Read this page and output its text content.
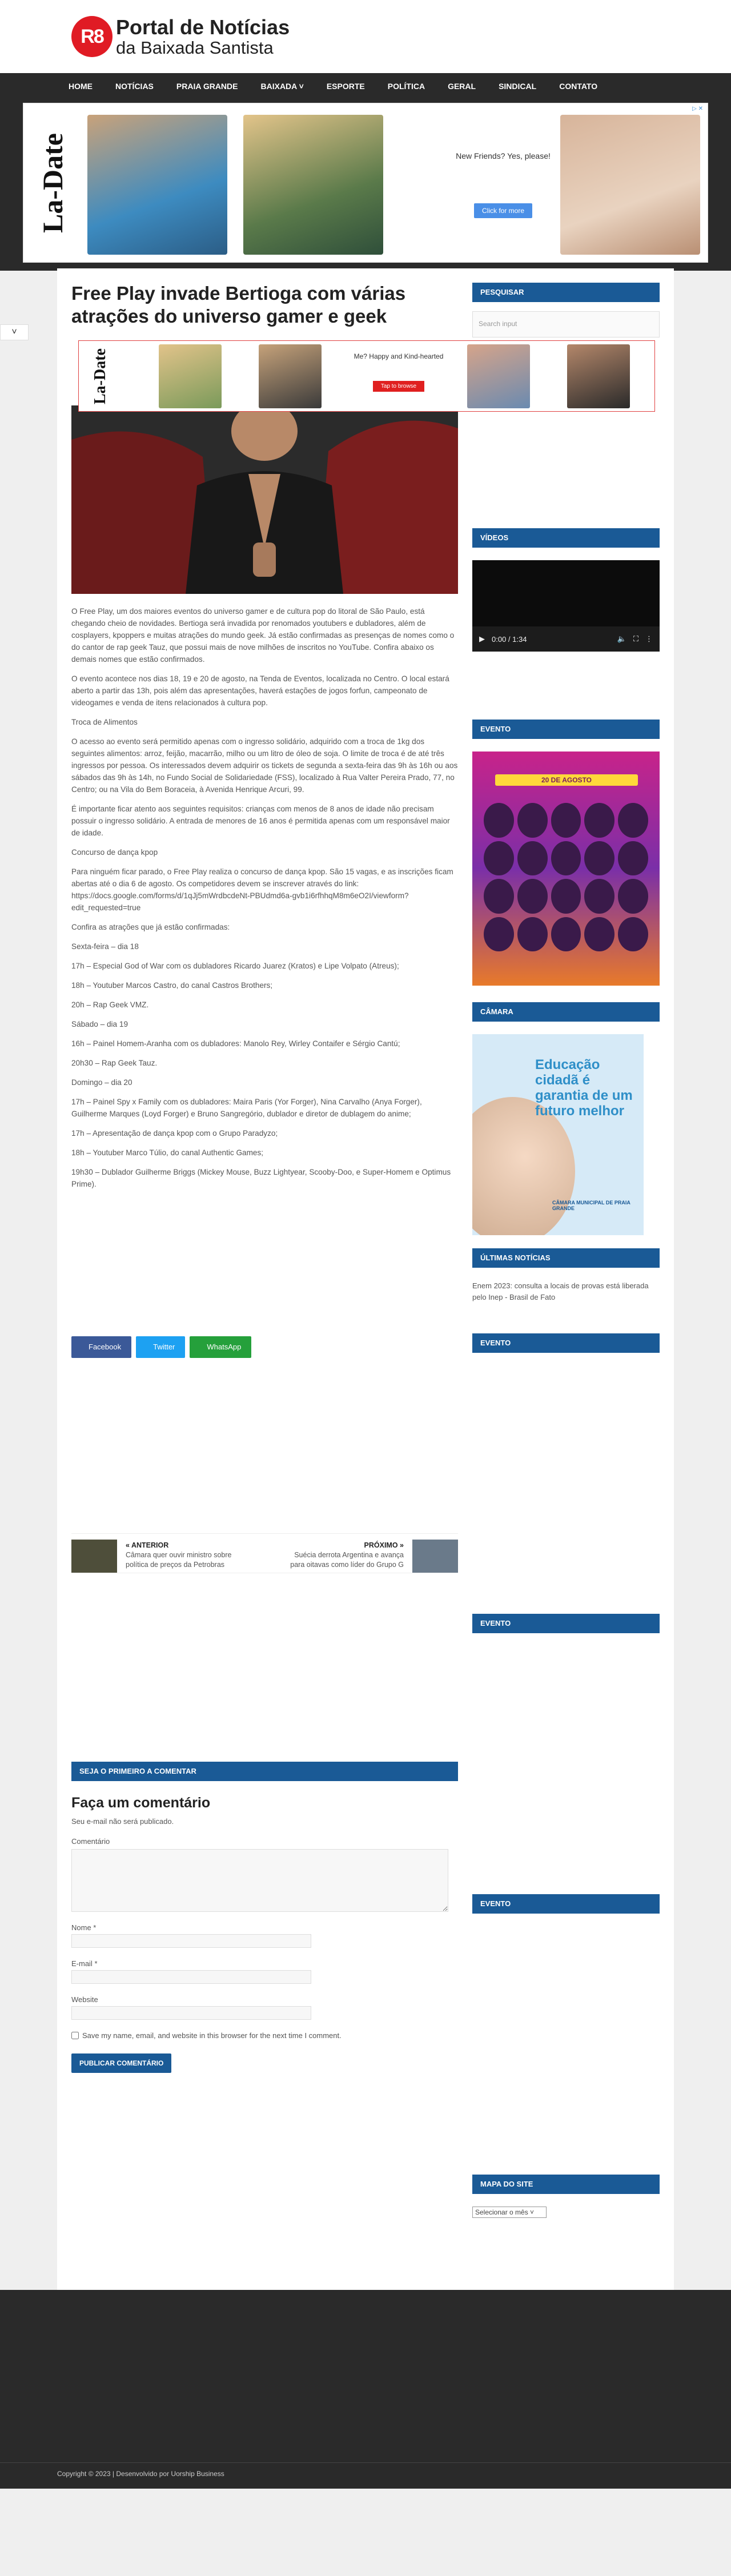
R8 Portal de Notícias
da Baixada Santista
HOME	NOTÍCIAS	PRAIA GRANDE	BAIXADA ˅	ESPORTE	POLÍTICA	GERAL	SINDICAL	CONTATO
▷ ✕
La-Date	New Friends? Yes, please!
Click for more
Free Play invade Bertioga com várias atrações do universo gamer e geek

O Free Play, um dos maiores eventos do universo gamer e de cultura pop do litoral de São Paulo, está chegando cheio de novidades. Bertioga será invadida por renomados youtubers e dubladores, além de cosplayers, kpoppers e muitas atrações do mundo geek. Já estão confirmadas as presenças de nomes como o do cantor de rap geek Tauz, que possui mais de nove milhões de inscritos no YouTube. Confira abaixo os demais nomes que estão confirmados.

O evento acontece nos dias 18, 19 e 20 de agosto, na Tenda de Eventos, localizada no Centro. O local estará aberto a partir das 13h, pois além das apresentações, haverá estações de jogos forfun, campeonato de videogames e venda de itens relacionados à cultura pop.

Troca de Alimentos

O acesso ao evento será permitido apenas com o ingresso solidário, adquirido com a troca de 1kg dos seguintes alimentos: arroz, feijão, macarrão, milho ou um litro de óleo de soja. O limite de troca é de até três ingressos por pessoa. Os interessados devem adquirir os tickets de segunda a sexta-feira das 9h às 16h ou aos sábados das 9h às 14h, no Fundo Social de Solidariedade (FSS), localizado à Rua Valter Pereira Prado, 77, no Centro; ou na Vila do Bem Boraceia, à Avenida Henrique Arcuri, 99.

É importante ficar atento aos seguintes requisitos: crianças com menos de 8 anos de idade não precisam possuir o ingresso solidário. A entrada de menores de 16 anos é permitida apenas com um responsável maior de idade.

Concurso de dança kpop

Para ninguém ficar parado, o Free Play realiza o concurso de dança kpop. São 15 vagas, e as inscrições ficam abertas até o dia 6 de agosto. Os competidores devem se inscrever através do link: https://docs.google.com/forms/d/1qJj5mWrdbcdeNt-PBUdmd6a-gvb1i6rfhhqM8m6eO2I/viewform?edit_requested=true

Confira as atrações que já estão confirmadas:

Sexta-feira – dia 18

17h – Especial God of War com os dubladores Ricardo Juarez (Kratos) e Lipe Volpato (Atreus);

18h – Youtuber Marcos Castro, do canal Castros Brothers;

20h – Rap Geek VMZ.

Sábado – dia 19

16h – Painel Homem-Aranha com os dubladores: Manolo Rey, Wirley Contaifer e Sérgio Cantú;

20h30 – Rap Geek Tauz.

Domingo – dia 20

17h – Painel Spy x Family com os dubladores: Maira Paris (Yor Forger), Nina Carvalho (Anya Forger), Guilherme Marques (Loyd Forger) e Bruno Sangregório, dublador e diretor de dublagem do anime;

17h – Apresentação de dança kpop com o Grupo Paradyzo;

18h – Youtuber Marco Túlio, do canal Authentic Games;

19h30 – Dublador Guilherme Briggs (Mickey Mouse, Buzz Lightyear, Scooby-Doo, e Super-Homem e Optimus Prime).

Facebook	Twitter	WhatsApp
« ANTERIOR
Câmara quer ouvir ministro sobre política de preços da Petrobras
PRÓXIMO »
Suécia derrota Argentina e avança para oitavas como líder do Grupo G
SEJA O PRIMEIRO A COMENTAR
Faça um comentário
Seu e-mail não será publicado.
Comentário
Nome *
E-mail *
Website
Save my name, email, and website in this browser for the next time I comment.
PUBLICAR COMENTÁRIO
PESQUISAR
Search input
VÍDEOS
▶ 0:00 / 1:34	🔈 ⛶ ⋮
EVENTO
20 DE AGOSTO
CÂMARA
Educação cidadã é garantia de um futuro melhor
CÂMARA MUNICIPAL DE PRAIA GRANDE
ÚLTIMAS NOTÍCIAS
Enem 2023: consulta a locais de provas está liberada pelo Inep - Brasil de Fato
EVENTO
EVENTO
EVENTO
MAPA DO SITE
Selecionar o mês ˅
˅
La-Date	Me? Happy and Kind-hearted
Tap to browse
Copyright © 2023 | Desenvolvido por Uorship Business
